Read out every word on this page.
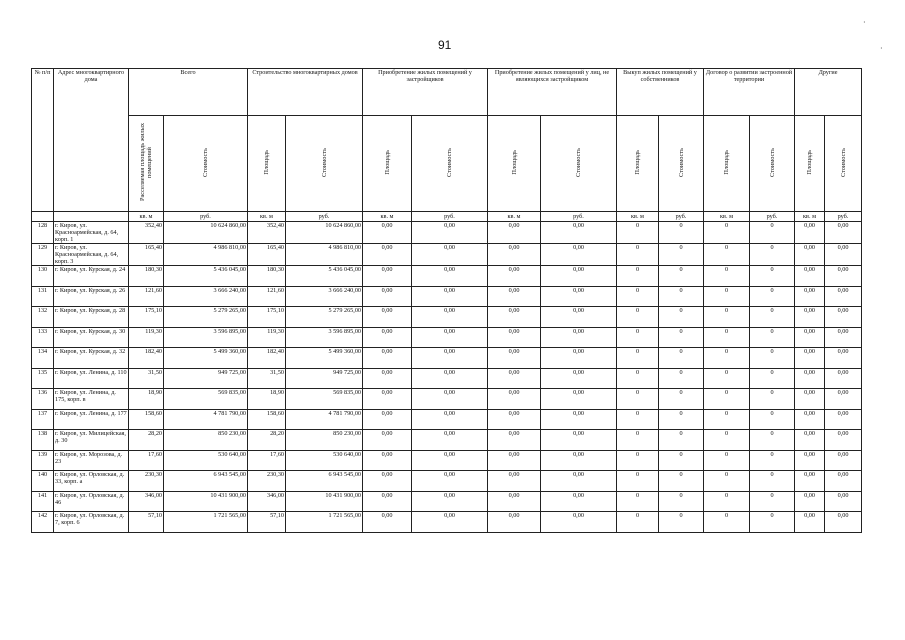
91
·
·
№ п/п	Адрес многоквартирного дома	Всего		Строительство многоквартирных домов		Приобретение жилых помещений у застройщиков		Приобретение жилых помещений у лиц, не являющихся застройщиком		Выкуп жилых помещений у собственников		Договор о развитии застроенной территории		Другие	
		Расселяемая площадь жилых помещений	Стоимость	Площадь	Стоимость	Площадь	Стоимость	Площадь	Стоимость	Площадь	Стоимость	Площадь	Стоимость	Площадь	Стоимость
		кв. м	руб.	кв. м	руб.	кв. м	руб.	кв. м	руб.	кв. м	руб.	кв. м	руб.	кв. м	руб.
128	г. Киров, ул. Красноармейская, д. 64, корп. 1	352,40	10 624 860,00	352,40	10 624 860,00	0,00	0,00	0,00	0,00	0	0	0	0	0,00	0,00
129	г. Киров, ул. Красноармейская, д. 64, корп. 3	165,40	4 986 810,00	165,40	4 986 810,00	0,00	0,00	0,00	0,00	0	0	0	0	0,00	0,00
130	г. Киров, ул. Курская, д. 24	180,30	5 436 045,00	180,30	5 436 045,00	0,00	0,00	0,00	0,00	0	0	0	0	0,00	0,00
131	г. Киров, ул. Курская, д. 26	121,60	3 666 240,00	121,60	3 666 240,00	0,00	0,00	0,00	0,00	0	0	0	0	0,00	0,00
132	г. Киров, ул. Курская, д. 28	175,10	5 279 265,00	175,10	5 279 265,00	0,00	0,00	0,00	0,00	0	0	0	0	0,00	0,00
133	г. Киров, ул. Курская, д. 30	119,30	3 596 895,00	119,30	3 596 895,00	0,00	0,00	0,00	0,00	0	0	0	0	0,00	0,00
134	г. Киров, ул. Курская, д. 32	182,40	5 499 360,00	182,40	5 499 360,00	0,00	0,00	0,00	0,00	0	0	0	0	0,00	0,00
135	г. Киров, ул. Ленина, д. 110	31,50	949 725,00	31,50	949 725,00	0,00	0,00	0,00	0,00	0	0	0	0	0,00	0,00
136	г. Киров, ул. Ленина, д. 175, корп. в	18,90	569 835,00	18,90	569 835,00	0,00	0,00	0,00	0,00	0	0	0	0	0,00	0,00
137	г. Киров, ул. Ленина, д. 177	158,60	4 781 790,00	158,60	4 781 790,00	0,00	0,00	0,00	0,00	0	0	0	0	0,00	0,00
138	г. Киров, ул. Милицейская, д. 30	28,20	850 230,00	28,20	850 230,00	0,00	0,00	0,00	0,00	0	0	0	0	0,00	0,00
139	г. Киров, ул. Морозова, д. 23	17,60	530 640,00	17,60	530 640,00	0,00	0,00	0,00	0,00	0	0	0	0	0,00	0,00
140	г. Киров, ул. Орловская, д. 33, корп. а	230,30	6 943 545,00	230,30	6 943 545,00	0,00	0,00	0,00	0,00	0	0	0	0	0,00	0,00
141	г. Киров, ул. Орловская, д. 46	346,00	10 431 900,00	346,00	10 431 900,00	0,00	0,00	0,00	0,00	0	0	0	0	0,00	0,00
142	г. Киров, ул. Орловская, д. 7, корп. 6	57,10	1 721 565,00	57,10	1 721 565,00	0,00	0,00	0,00	0,00	0	0	0	0	0,00	0,00
